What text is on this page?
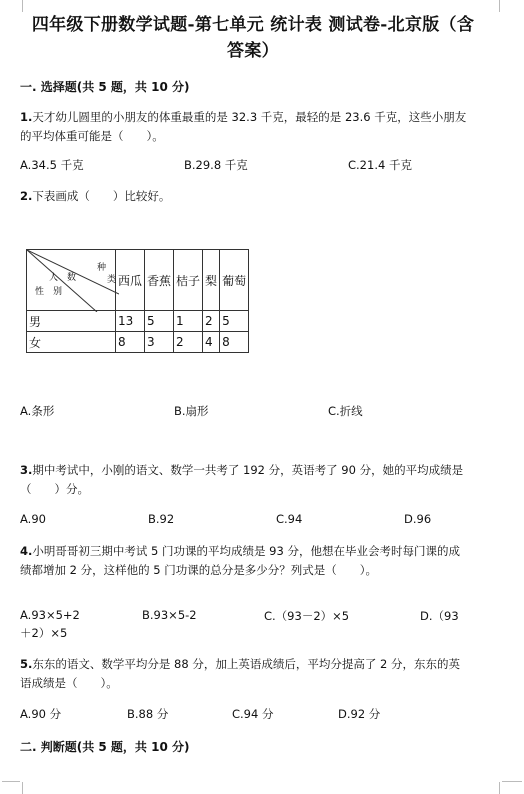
四年级下册数学试题-第七单元 统计表 测试卷-北京版（含答案）
一. 选择题(共 5 题，共 10 分)
1.天才幼儿圆里的小朋友的体重最重的是 32.3 千克，最轻的是 23.6 千克，这些小朋友的平均体重可能是（　　）。
A.34.5 千克	B.29.8 千克	C.21.4 千克
2.下表画成（　　）比较好。
种
类
人　数
性　别	西瓜	香蕉	桔子	梨	葡萄
男	13	5	1	2	5
女	8	3	2	4	8
A.条形	B.扇形	C.折线
3.期中考试中，小刚的语文、数学一共考了 192 分，英语考了 90 分，她的平均成绩是（　　）分。
A.90	B.92	C.94	D.96
4.小明哥哥初三期中考试 5 门功课的平均成绩是 93 分，他想在毕业会考时每门课的成绩都增加 2 分，这样他的 5 门功课的总分是多少分？列式是（　　）。
A.93×5+2	B.93×5-2	C.（93－2）×5	D.（93
＋2）×5
5.东东的语文、数学平均分是 88 分，加上英语成绩后，平均分提高了 2 分，东东的英语成绩是（　　）。
A.90 分	B.88 分	C.94 分	D.92 分
二. 判断题(共 5 题，共 10 分)
